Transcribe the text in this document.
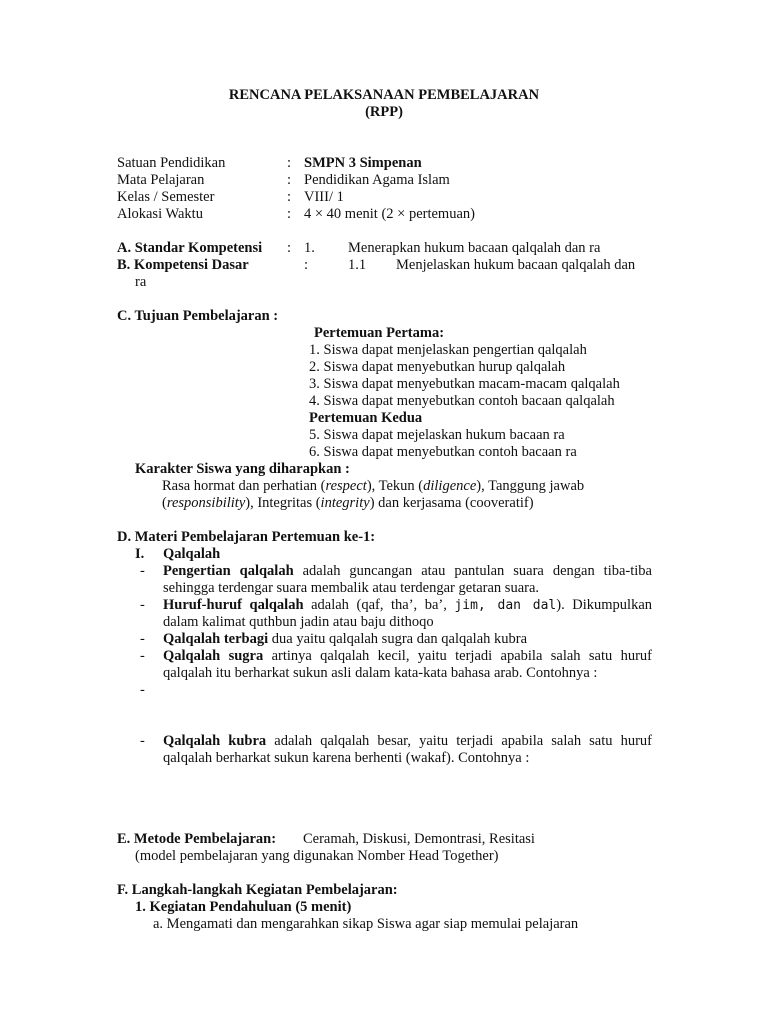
RENCANA PELAKSANAAN PEMBELAJARAN
(RPP)
Satuan Pendidikan	: SMPN 3 Simpenan
Mata Pelajaran	: Pendidikan Agama Islam
Kelas / Semester	: VIII/ 1
Alokasi Waktu	: 4 × 40 menit (2 × pertemuan)
A. Standar Kompetensi : 1. Menerapkan hukum bacaan qalqalah dan ra
B. Kompetensi Dasar	:	1.1 Menjelaskan hukum bacaan qalqalah dan
ra
C. Tujuan Pembelajaran :
Pertemuan Pertama:
1. Siswa dapat menjelaskan pengertian qalqalah
2. Siswa dapat menyebutkan hurup qalqalah
3. Siswa dapat menyebutkan macam-macam qalqalah
4. Siswa dapat menyebutkan contoh bacaan qalqalah
Pertemuan Kedua
5. Siswa dapat mejelaskan hukum bacaan ra
6. Siswa dapat menyebutkan contoh bacaan ra
Karakter Siswa yang diharapkan :
Rasa hormat dan perhatian (respect), Tekun (diligence), Tanggung jawab
(responsibility), Integritas (integrity) dan kerjasama (cooveratif)
D. Materi Pembelajaran Pertemuan ke-1:
I. Qalqalah
- Pengertian qalqalah adalah guncangan atau pantulan suara dengan tiba-tiba
sehingga terdengar suara membalik atau terdengar getaran suara.
- Huruf-huruf qalqalah adalah (qaf, tha’, ba’, jim, dan dal). Dikumpulkan
dalam kalimat quthbun jadin atau baju dithoqo
- Qalqalah terbagi dua yaitu qalqalah sugra dan qalqalah kubra
- Qalqalah sugra artinya qalqalah kecil, yaitu terjadi apabila salah satu huruf
qalqalah itu berharkat sukun asli dalam kata-kata bahasa arab. Contohnya :
-
- Qalqalah kubra adalah qalqalah besar, yaitu terjadi apabila salah satu huruf
qalqalah berharkat sukun karena berhenti (wakaf). Contohnya :
E. Metode Pembelajaran: Ceramah, Diskusi, Demontrasi, Resitasi
(model pembelajaran yang digunakan Nomber Head Together)
F. Langkah-langkah Kegiatan Pembelajaran:
1. Kegiatan Pendahuluan (5 menit)
a. Mengamati dan mengarahkan sikap Siswa agar siap memulai pelajaran
